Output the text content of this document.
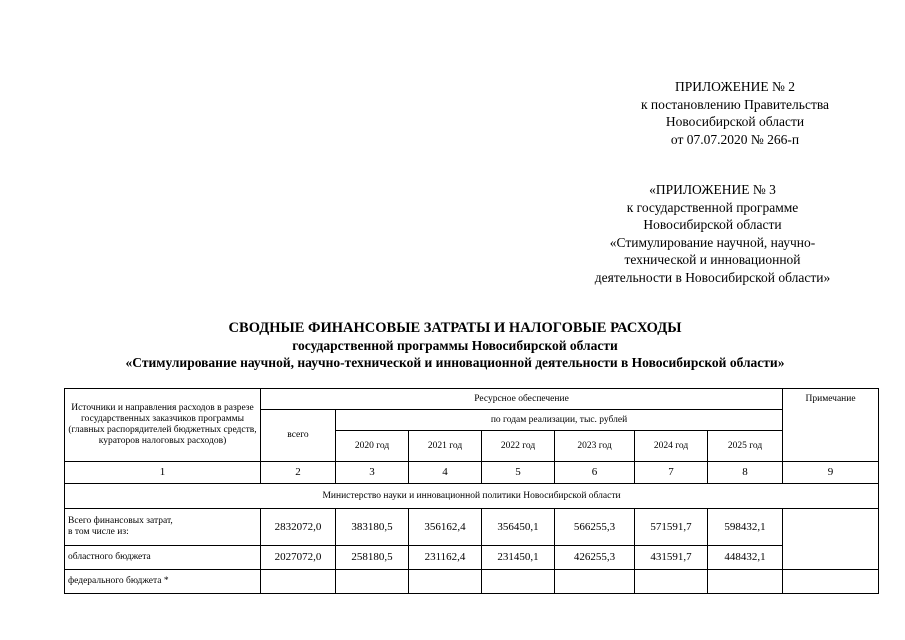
ПРИЛОЖЕНИЕ № 2
к постановлению Правительства
Новосибирской области
от 07.07.2020 № 266-п
«ПРИЛОЖЕНИЕ № 3
к государственной программе
Новосибирской области
«Стимулирование научной, научно-
технической и инновационной
деятельности в Новосибирской области»
СВОДНЫЕ ФИНАНСОВЫЕ ЗАТРАТЫ И НАЛОГОВЫЕ РАСХОДЫ
государственной программы Новосибирской области
«Стимулирование научной, научно-технической и инновационной деятельности в Новосибирской области»
Источники и направления расходов в разрезе государственных заказчиков программы (главных распорядителей бюджетных средств, кураторов налоговых расходов)	Ресурсное обеспечение							Примечание
	всего	по годам реализации, тыс. рублей						
		2020 год	2021 год	2022 год	2023 год	2024 год	2025 год	
1	2	3	4	5	6	7	8	9
Министерство науки и инновационной политики Новосибирской области								
Всего финансовых затрат,
в том числе из:	2832072,0	383180,5	356162,4	356450,1	566255,3	571591,7	598432,1	
областного бюджета	2027072,0	258180,5	231162,4	231450,1	426255,3	431591,7	448432,1	
федерального бюджета *								
